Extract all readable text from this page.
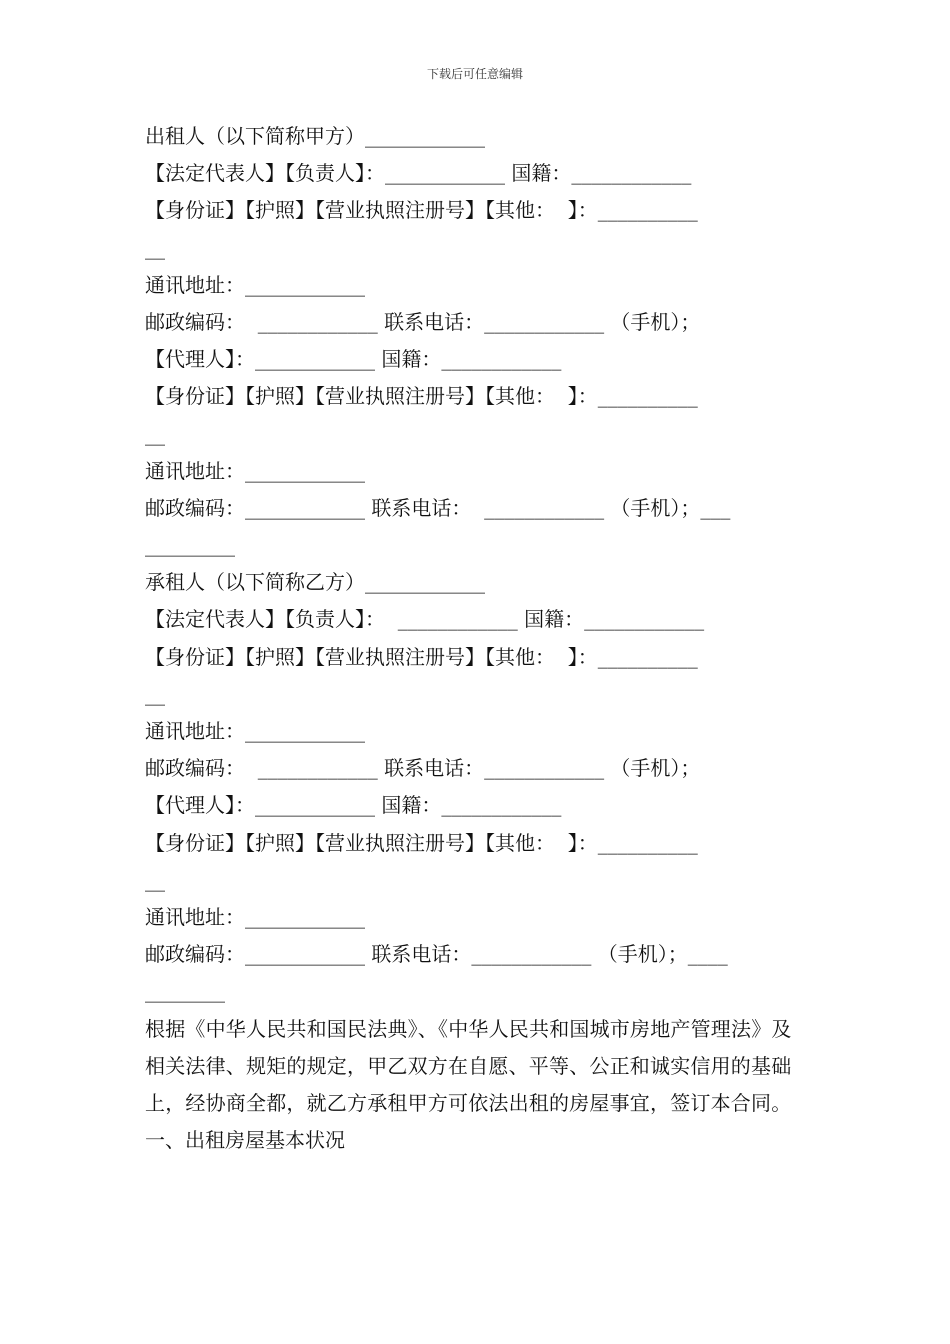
下载后可任意编辑
出租人（以下简称甲方）____________
【法定代表人】【负责人】：____________ 国籍：____________
【身份证】【护照】【营业执照注册号】【其他：  】：__________
__
通讯地址：____________
邮政编码：  ____________ 联系电话：____________ （手机）；
【代理人】：____________ 国籍：____________
【身份证】【护照】【营业执照注册号】【其他：  】：__________
__
通讯地址：____________
邮政编码：____________ 联系电话：  ____________ （手机）；___
_________
承租人（以下简称乙方）____________
【法定代表人】【负责人】：  ____________ 国籍：____________
【身份证】【护照】【营业执照注册号】【其他：  】：__________
__
通讯地址：____________
邮政编码：  ____________ 联系电话：____________ （手机）；
【代理人】：____________ 国籍：____________
【身份证】【护照】【营业执照注册号】【其他：  】：__________
__
通讯地址：____________
邮政编码：____________ 联系电话：____________ （手机）；____
________
根据《中华人民共和国民法典》、《中华人民共和国城市房地产管理法》及相关法律、规矩的规定，甲乙双方在自愿、平等、公正和诚实信用的基础上，经协商全都，就乙方承租甲方可依法出租的房屋事宜，签订本合同。
一、出租房屋基本状况
